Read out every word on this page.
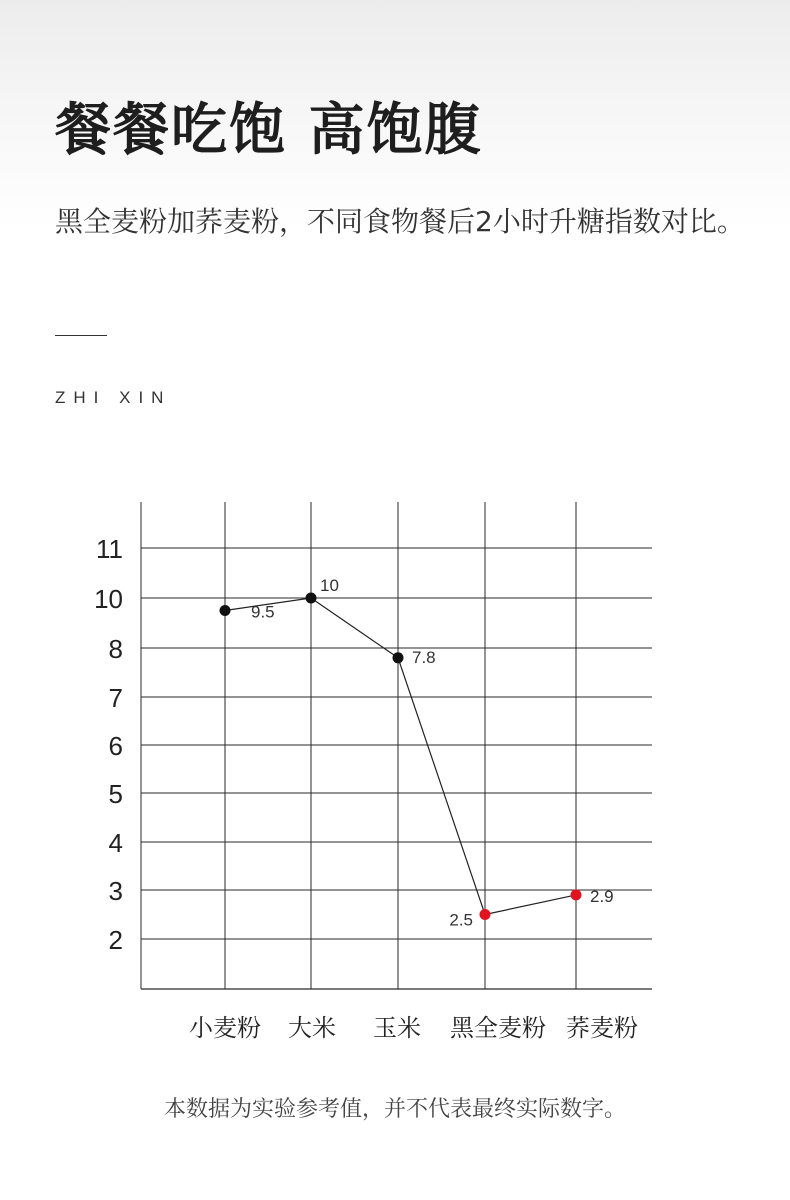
餐餐吃饱 高饱腹
黑全麦粉加荞麦粉，不同食物餐后2小时升糖指数对比。
ZHI XIN
2
3
4
5
6
7
8
10
11
9.5
10
7.8
2.5
2.9
小麦粉 大米 玉米 黑全麦粉 荞麦粉
本数据为实验参考值，并不代表最终实际数字。
